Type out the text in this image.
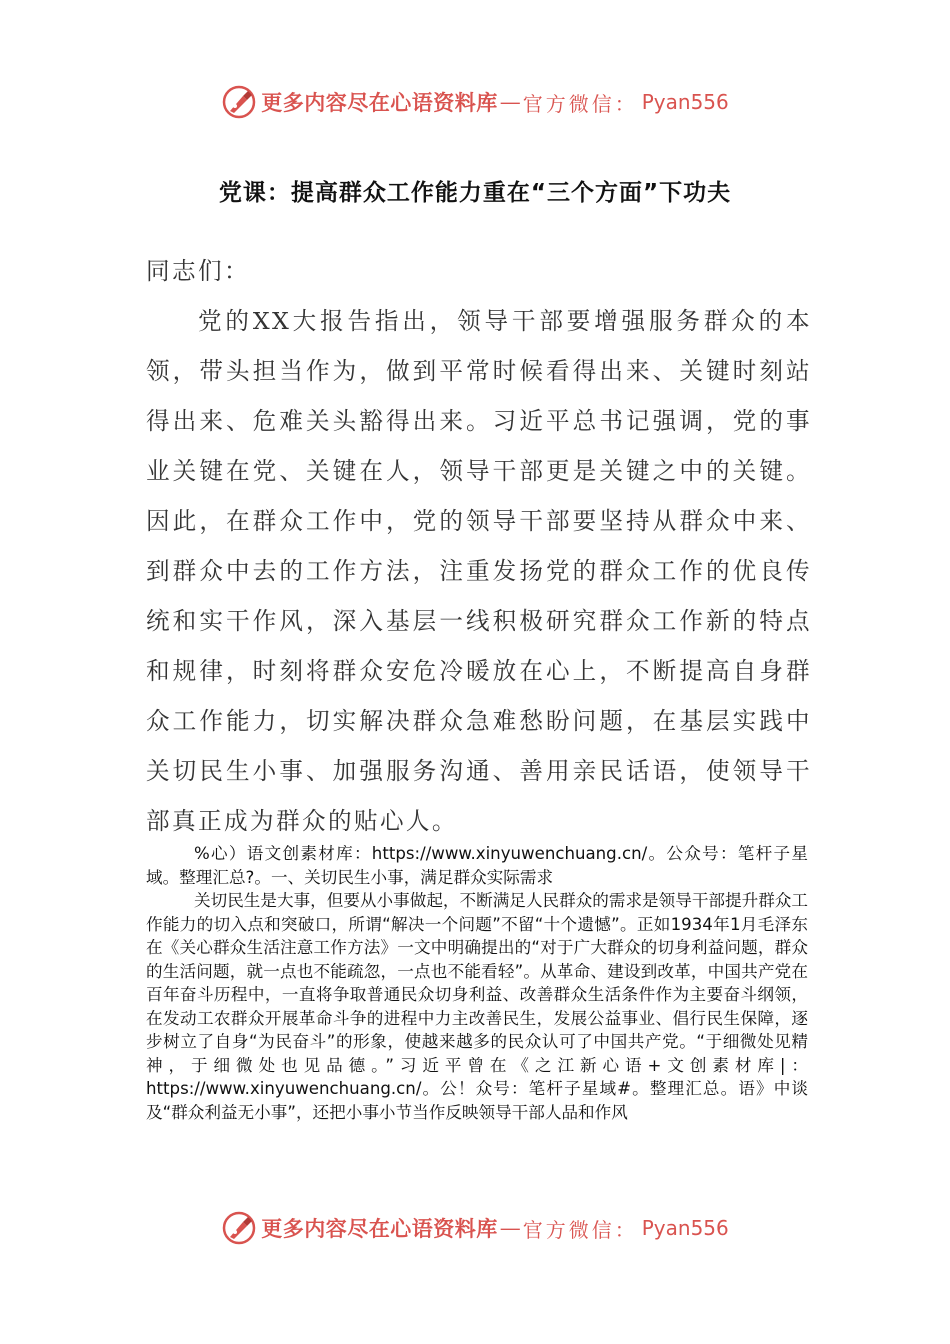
更多内容尽在心语资料库 — 官方微信： Pyan556
党课：提高群众工作能力重在“三个方面”下功夫

同志们：

党的XX大报告指出，领导干部要增强服务群众的本领，带头担当作为，做到平常时候看得出来、关键时刻站得出来、危难关头豁得出来。习近平总书记强调，党的事业关键在党、关键在人，领导干部更是关键之中的关键。因此，在群众工作中，党的领导干部要坚持从群众中来、到群众中去的工作方法，注重发扬党的群众工作的优良传统和实干作风，深入基层一线积极研究群众工作新的特点和规律，时刻将群众安危冷暖放在心上，不断提高自身群众工作能力，切实解决群众急难愁盼问题，在基层实践中关切民生小事、加强服务沟通、善用亲民话语，使领导干部真正成为群众的贴心人。

%心）语文创素材库：https://www.xinyuwenchuang.cn/。公众号：笔杆子星域。整理汇总?。一、关切民生小事，满足群众实际需求

关切民生是大事，但要从小事做起，不断满足人民群众的需求是领导干部提升群众工作能力的切入点和突破口，所谓“解决一个问题”不留“十个遗憾”。正如1934年1月毛泽东在《关心群众生活注意工作方法》一文中明确提出的“对于广大群众的切身利益问题，群众的生活问题，就一点也不能疏忽，一点也不能看轻”。从革命、建设到改革，中国共产党在百年奋斗历程中，一直将争取普通民众切身利益、改善群众生活条件作为主要奋斗纲领，在发动工农群众开展革命斗争的进程中力主改善民生，发展公益事业、倡行民生保障，逐步树立了自身“为民奋斗”的形象，使越来越多的民众认可了中国共产党。“于细微处见精神，于细微处也见品德。”习近平曾在《之江新心语+文创素材库|：https://www.xinyuwenchuang.cn/。公！众号：笔杆子星域#。整理汇总。语》中谈及“群众利益无小事”，还把小事小节当作反映领导干部人品和作风

更多内容尽在心语资料库 — 官方微信： Pyan556
